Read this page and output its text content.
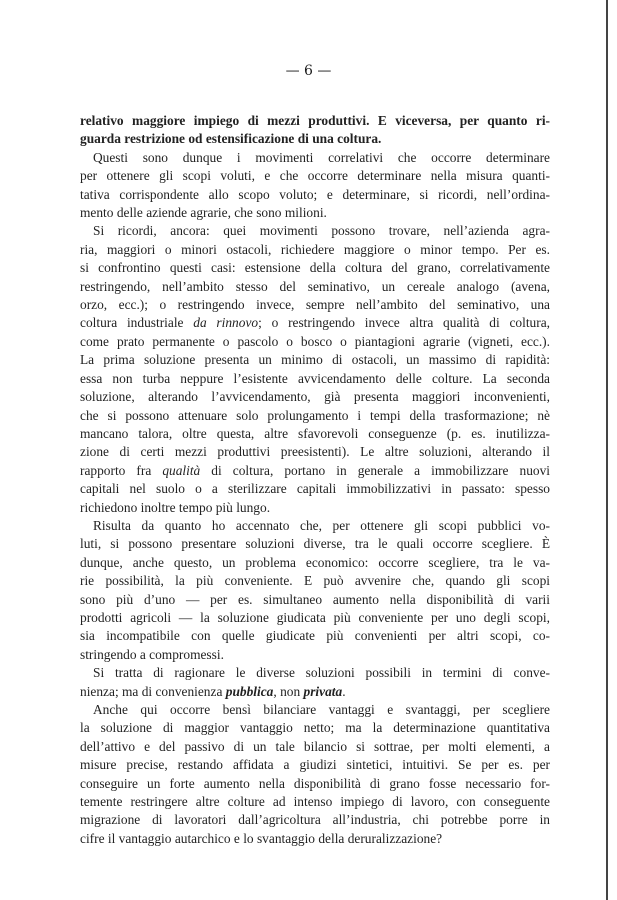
— 6 —
relativo maggiore impiego di mezzi produttivi. E viceversa, per quanto ri-
guarda restrizione od estensificazione di una coltura.
Questi sono dunque i movimenti correlativi che occorre determinare
per ottenere gli scopi voluti, e che occorre determinare nella misura quanti-
tativa corrispondente allo scopo voluto; e determinare, si ricordi, nell’ordina-
mento delle aziende agrarie, che sono milioni.
Si ricordi, ancora: quei movimenti possono trovare, nell’azienda agra-
ria, maggiori o minori ostacoli, richiedere maggiore o minor tempo. Per es.
si confrontino questi casi: estensione della coltura del grano, correlativamente
restringendo, nell’ambito stesso del seminativo, un cereale analogo (avena,
orzo, ecc.); o restringendo invece, sempre nell’ambito del seminativo, una
coltura industriale da rinnovo; o restringendo invece altra qualità di coltura,
come prato permanente o pascolo o bosco o piantagioni agrarie (vigneti, ecc.).
La prima soluzione presenta un minimo di ostacoli, un massimo di rapidità:
essa non turba neppure l’esistente avvicendamento delle colture. La seconda
soluzione, alterando l’avvicendamento, già presenta maggiori inconvenienti,
che si possono attenuare solo prolungamento i tempi della trasformazione; nè
mancano talora, oltre questa, altre sfavorevoli conseguenze (p. es. inutilizza-
zione di certi mezzi produttivi preesistenti). Le altre soluzioni, alterando il
rapporto fra qualità di coltura, portano in generale a immobilizzare nuovi
capitali nel suolo o a sterilizzare capitali immobilizzativi in passato: spesso
richiedono inoltre tempo più lungo.
Risulta da quanto ho accennato che, per ottenere gli scopi pubblici vo-
luti, si possono presentare soluzioni diverse, tra le quali occorre scegliere. È
dunque, anche questo, un problema economico: occorre scegliere, tra le va-
rie possibilità, la più conveniente. E può avvenire che, quando gli scopi
sono più d’uno — per es. simultaneo aumento nella disponibilità di varii
prodotti agricoli — la soluzione giudicata più conveniente per uno degli scopi,
sia incompatibile con quelle giudicate più convenienti per altri scopi, co-
stringendo a compromessi.
Si tratta di ragionare le diverse soluzioni possibili in termini di conve-
nienza; ma di convenienza pubblica, non privata.
Anche qui occorre bensì bilanciare vantaggi e svantaggi, per scegliere
la soluzione di maggior vantaggio netto; ma la determinazione quantitativa
dell’attivo e del passivo di un tale bilancio si sottrae, per molti elementi, a
misure precise, restando affidata a giudizi sintetici, intuitivi. Se per es. per
conseguire un forte aumento nella disponibilità di grano fosse necessario for-
temente restringere altre colture ad intenso impiego di lavoro, con conseguente
migrazione di lavoratori dall’agricoltura all’industria, chi potrebbe porre in
cifre il vantaggio autarchico e lo svantaggio della deruralizzazione?
